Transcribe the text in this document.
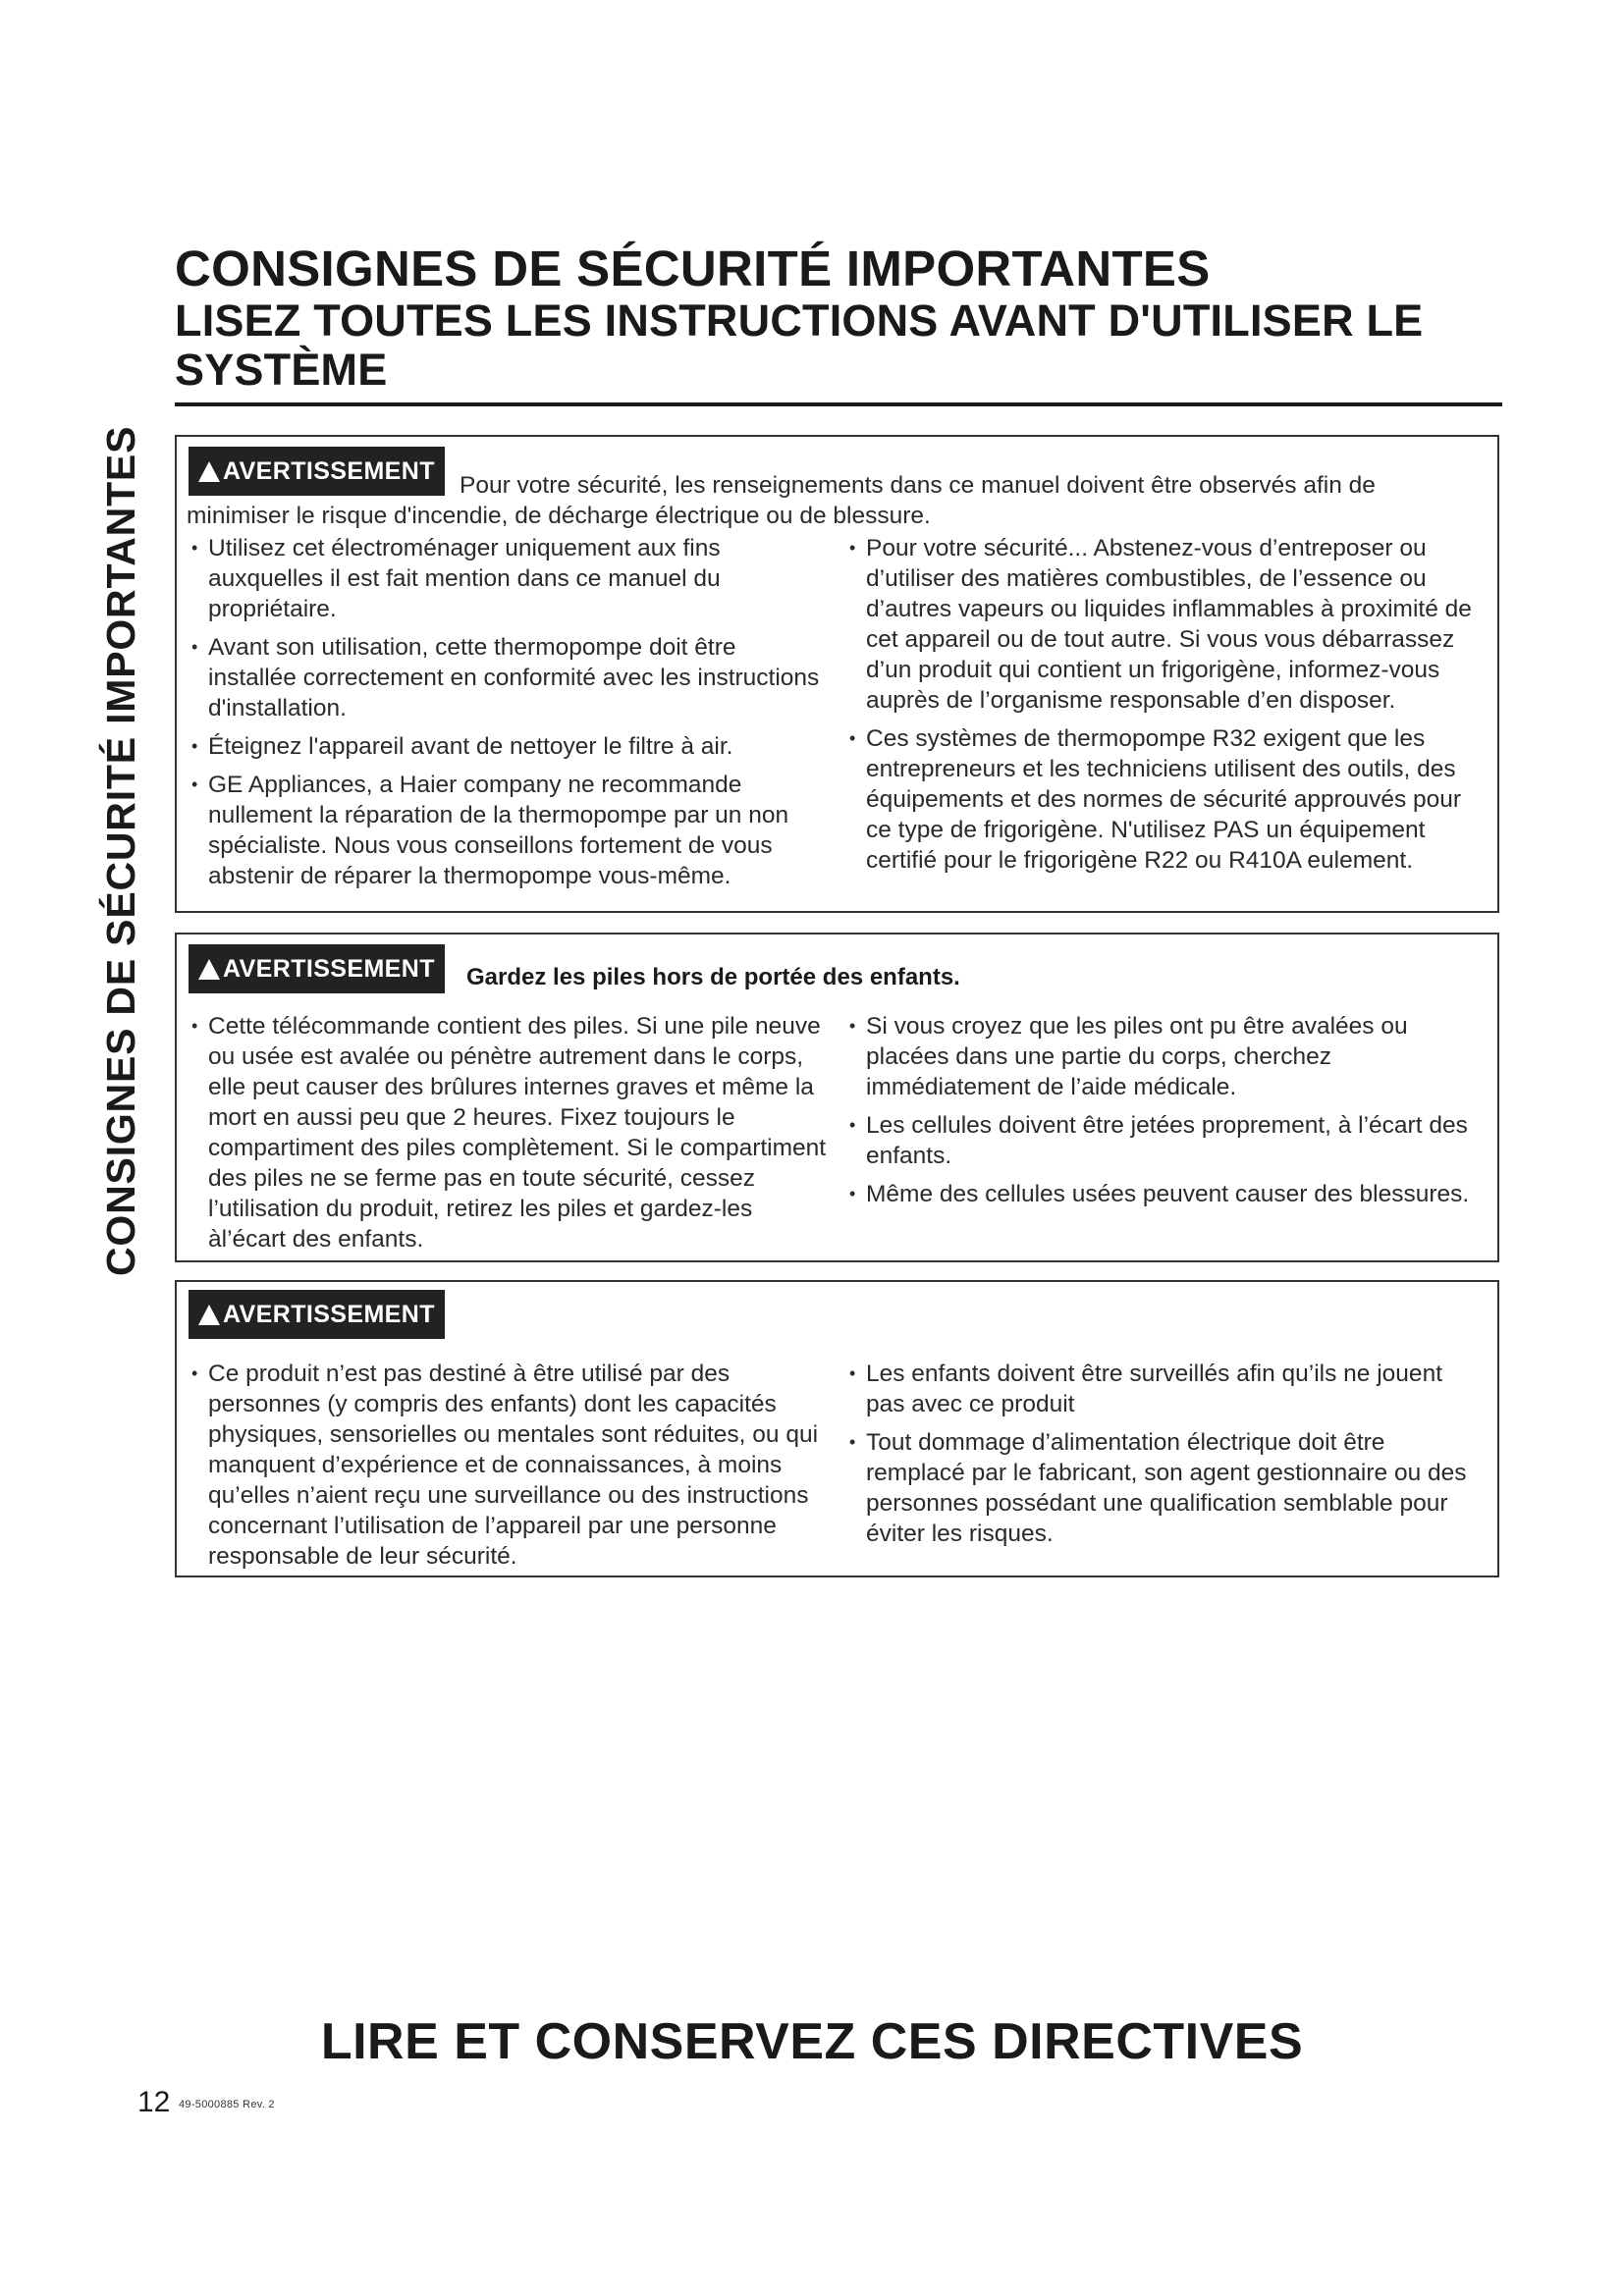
CONSIGNES DE SÉCURITÉ IMPORTANTES
CONSIGNES DE SÉCURITÉ IMPORTANTES
LISEZ TOUTES LES INSTRUCTIONS AVANT D'UTILISER LE SYSTÈME

Pour votre sécurité, les renseignements dans ce manuel doivent être observés afin de minimiser le risque d'incendie, de décharge électrique ou de blessure.

! AVERTISSEMENT
• Utilisez cet électroménager uniquement aux fins auxquelles il est fait mention dans ce manuel du propriétaire.
• Avant son utilisation, cette thermopompe doit être installée correctement en conformité avec les instructions d'installation.
• Éteignez l'appareil avant de nettoyer le filtre à air.
• GE Appliances, a Haier company ne recommande nullement la réparation de la thermopompe par un non spécialiste. Nous vous conseillons fortement de vous abstenir de réparer la thermopompe vous-même.
• Pour votre sécurité... Abstenez-vous d’entreposer ou d’utiliser des matières combustibles, de l’essence ou d’autres vapeurs ou liquides inflammables à proximité de cet appareil ou de tout autre. Si vous vous débarrassez d’un produit qui contient un frigorigène, informez-vous auprès de l’organisme responsable d’en disposer.
• Ces systèmes de thermopompe R32 exigent que les entrepreneurs et les techniciens utilisent des outils, des équipements et des normes de sécurité approuvés pour ce type de frigorigène. N'utilisez PAS un équipement certifié pour le frigorigène R22 ou R410A eulement.
! AVERTISSEMENT	Gardez les piles hors de portée des enfants.

• Cette télécommande contient des piles. Si une pile neuve ou usée est avalée ou pénètre autrement dans le corps, elle peut causer des brûlures internes graves et même la mort en aussi peu que 2 heures. Fixez toujours le compartiment des piles complètement. Si le compartiment des piles ne se ferme pas en toute sécurité, cessez l’utilisation du produit, retirez les piles et gardez-les àl’écart des enfants.
• Si vous croyez que les piles ont pu être avalées ou placées dans une partie du corps, cherchez immédiatement de l’aide médicale.
• Les cellules doivent être jetées proprement, à l’écart des enfants.
• Même des cellules usées peuvent causer des blessures.
! AVERTISSEMENT
• Ce produit n’est pas destiné à être utilisé par des personnes (y compris des enfants) dont les capacités physiques, sensorielles ou mentales sont réduites, ou qui manquent d’expérience et de connaissances, à moins qu’elles n’aient reçu une surveillance ou des instructions concernant l’utilisation de l’appareil par une personne responsable de leur sécurité.
• Les enfants doivent être surveillés afin qu’ils ne jouent pas avec ce produit
• Tout dommage d’alimentation électrique doit être remplacé par le fabricant, son agent gestionnaire ou des personnes possédant une qualification semblable pour éviter les risques.

LIRE ET CONSERVEZ CES DIRECTIVES

12 49-5000885 Rev. 2
